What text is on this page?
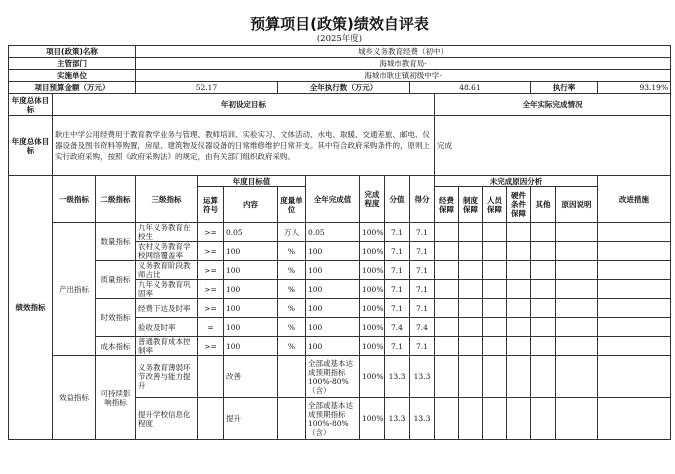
预算项目(政策)绩效自评表
(2025年度)
项目(政策)名称			城乡义务教育经费（初中）														
主管部门			海城市教育局-														
实施单位			海城市耿庄镇初级中学-														
项目预算金额（万元）			52.17			全年执行数（万元）				48.61					执行率		93.19%
年度总体目标	年初设定目标										全年实际完成情况						
年度总体目标	耿庄中学公用经费用于教育教学业务与管理、教师培训、实验实习、文体活动、水电、取暖、交通差旅、邮电、仪器设备及图书资料等购置，房屋、建筑物及仪器设备的日常维修维护日常开支。其中符合政府采购条件的，原则上实行政府采购，按照《政府采购法》的规定，由有关部门组织政府采购。										完成						
绩效指标	一级指标	二级指标	三级指标	年度目标值			全年完成值	完成程度	分值	得分	未完成原因分析						改进措施
				运算符号	内容	度量单位					经费保障	制度保障	人员保障	硬件条件保障	其他	原因说明	
	产出指标	数量指标	九年义务教育在校生	>=	0.05	万人	0.05	100%	7.1	7.1							
			农村义务教育学校网络覆盖率	>=	100	%	100	100%	7.1	7.1							
		质量指标	义务教育阶段教师占比	>=	100	%	100	100%	7.1	7.1							
			九年义务教育巩固率	>=	100	%	100	100%	7.1	7.1							
		时效指标	经费下达及时率	>=	100	%	100	100%	7.1	7.1							
			验收及时率	=	100	%	100	100%	7.4	7.4							
		成本指标	普通教育成本控制率	>=	100	%	100	100%	7.1	7.1							
	效益指标	可持续影响指标	义务教育薄弱环节改善与能力提升		改善		全部或基本达成预期指标100%-80%（含）	100%	13.3	13.3							
			提升学校信息化程度		提升		全部或基本达成预期指标100%-80%（含）	100%	13.3	13.3							
